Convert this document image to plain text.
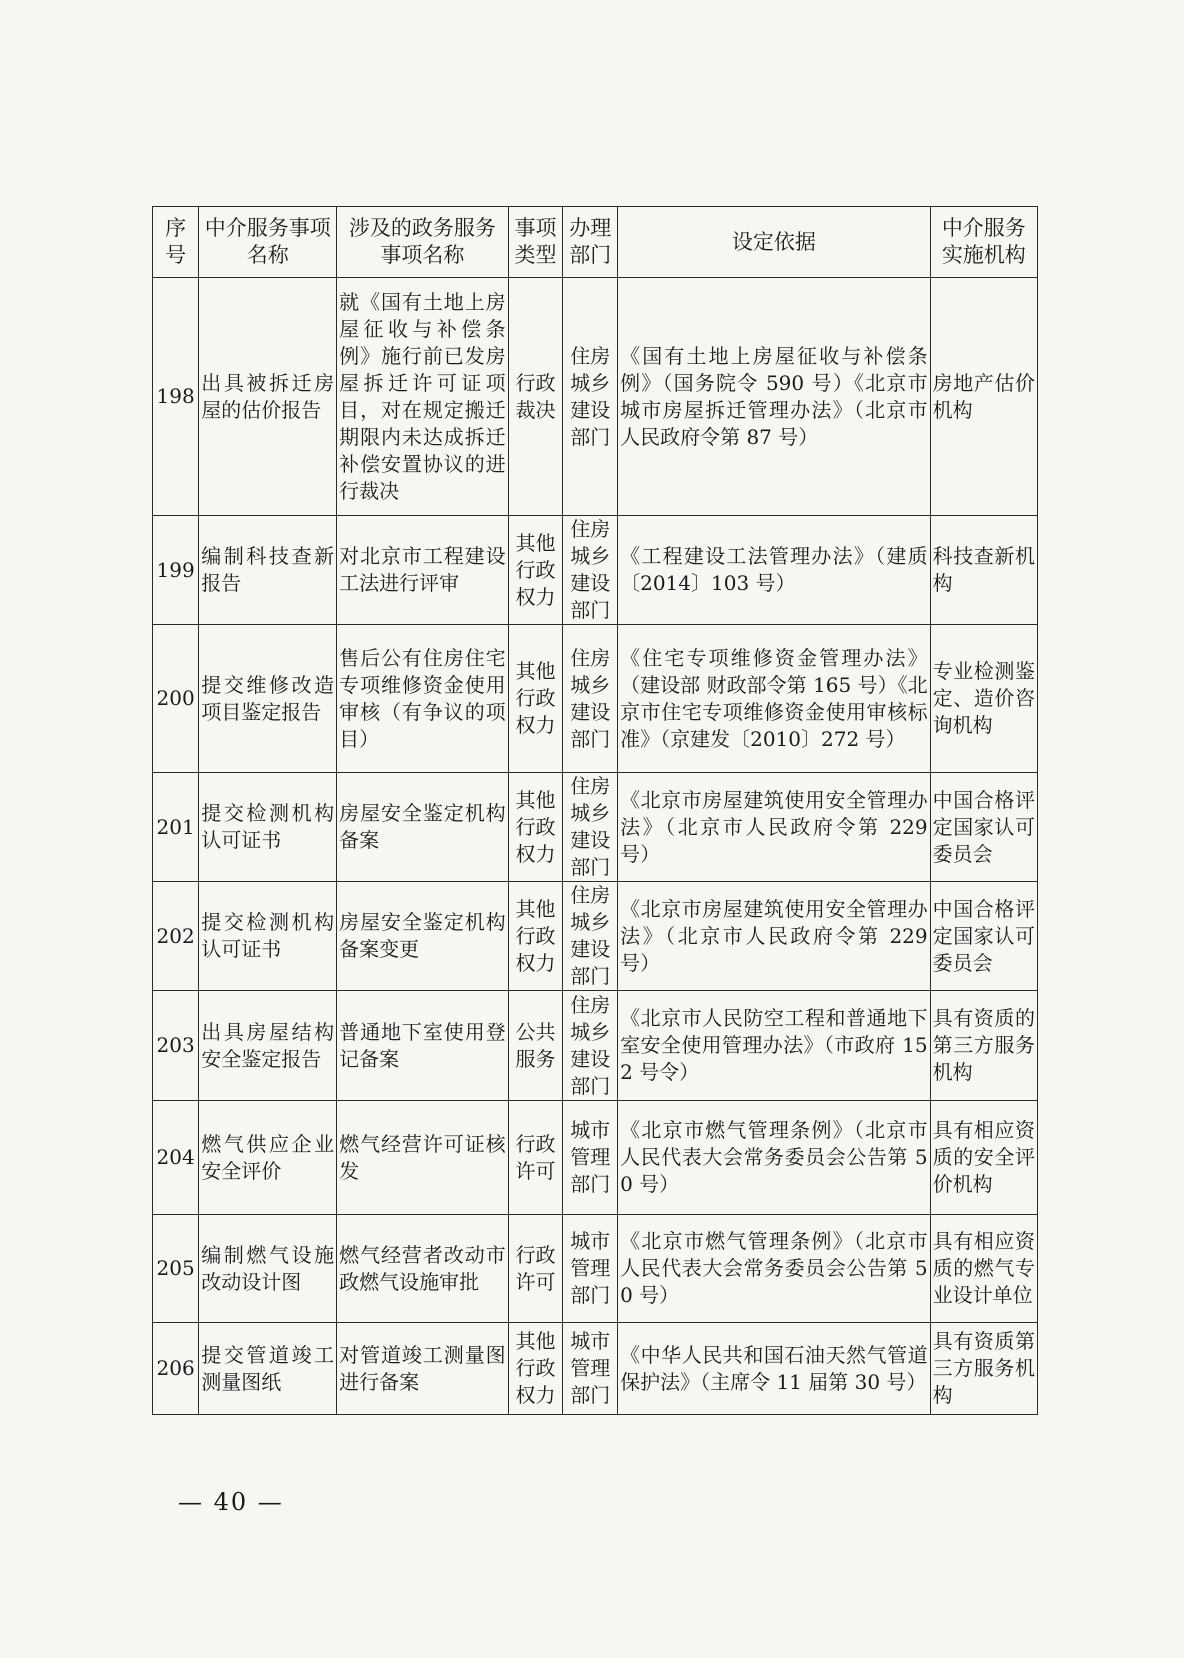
序号	中介服务事项名称	涉及的政务服务事项名称	事项类型	办理部门	设定依据	中介服务实施机构
198	出具被拆迁房屋的估价报告	就《国有土地上房屋征收与补偿条例》施行前已发房屋拆迁许可证项目，对在规定搬迁期限内未达成拆迁补偿安置协议的进行裁决	行政裁决	住房城乡建设部门	《国有土地上房屋征收与补偿条例》（国务院令 590 号）《北京市城市房屋拆迁管理办法》（北京市人民政府令第 87 号）	房地产估价机构
199	编制科技查新报告	对北京市工程建设工法进行评审	其他行政权力	住房城乡建设部门	《工程建设工法管理办法》（建质〔2014〕103 号）	科技查新机构
200	提交维修改造项目鉴定报告	售后公有住房住宅专项维修资金使用审核（有争议的项目）	其他行政权力	住房城乡建设部门	《住宅专项维修资金管理办法》（建设部 财政部令第 165 号）《北京市住宅专项维修资金使用审核标准》（京建发〔2010〕272 号）	专业检测鉴定、造价咨询机构
201	提交检测机构认可证书	房屋安全鉴定机构备案	其他行政权力	住房城乡建设部门	《北京市房屋建筑使用安全管理办法》（北京市人民政府令第 229 号）	中国合格评定国家认可委员会
202	提交检测机构认可证书	房屋安全鉴定机构备案变更	其他行政权力	住房城乡建设部门	《北京市房屋建筑使用安全管理办法》（北京市人民政府令第 229 号）	中国合格评定国家认可委员会
203	出具房屋结构安全鉴定报告	普通地下室使用登记备案	公共服务	住房城乡建设部门	《北京市人民防空工程和普通地下室安全使用管理办法》（市政府 152 号令）	具有资质的第三方服务机构
204	燃气供应企业安全评价	燃气经营许可证核发	行政许可	城市管理部门	《北京市燃气管理条例》（北京市人民代表大会常务委员会公告第 50 号）	具有相应资质的安全评价机构
205	编制燃气设施改动设计图	燃气经营者改动市政燃气设施审批	行政许可	城市管理部门	《北京市燃气管理条例》（北京市人民代表大会常务委员会公告第 50 号）	具有相应资质的燃气专业设计单位
206	提交管道竣工测量图纸	对管道竣工测量图进行备案	其他行政权力	城市管理部门	《中华人民共和国石油天然气管道保护法》（主席令 11 届第 30 号）	具有资质第三方服务机构
— 40 —
